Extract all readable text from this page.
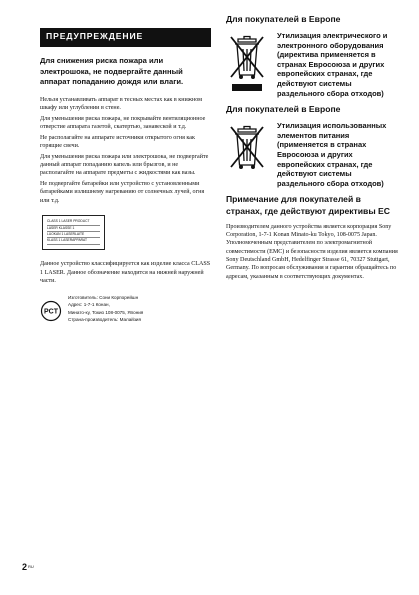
ПРЕДУПРЕЖДЕНИЕ
Для снижения риска пожара или электрошока, не подвергайте данный аппарат попаданию дождя или влаги.
Нельзя устанавливать аппарат в тесных местах как в книжном шкафу или углублении в стене.
Для уменьшения риска пожара, не покрывайте вентиляционное отверстие аппарата газетой, скатертью, занавеской и т.д.
Не располагайте на аппарате источники открытого огня как горящие свечи.
Для уменьшения риска пожара или электрошока, не подвергайте данный аппарат попаданию капель или брызгов, и не располагайте на аппарате предметы с жидкостями как вазы.
Не подвергайте батарейки или устройство с установленными батарейками излишнему нагреванию от солнечных лучей, огня или т.д.
CLASS 1 LASER PRODUCT
LASER KLASSE 1
LUOKAN 1 LASERLAITE
KLASS 1 LASERAPPARAT
Данное устройство классифицируется как изделие класса CLASS 1 LASER. Данное обозначение находится на нижней наружней части.
PCT
Изготовитель: Сони Корпорейшн
Адрес: 1-7-1 Конан,
Минато-ку, Токио 108-0075, Япония
Страна-производитель: Малайзия
Для покупателей в Европе
Утилизация электрического и электронного оборудования (директива применяется в странах Евросоюза и других европейских странах, где действуют системы раздельного сбора отходов)
Для покупателей в Европе
Утилизация использованных элементов питания (применяется в странах Евросоюза и других европейских странах, где действуют системы раздельного сбора отходов)
Примечание для покупателей в странах, где действуют директивы ЕС
Производителем данного устройства является корпорация Sony Corporation, 1-7-1 Konan Minato-ku Tokyo, 108-0075 Japan. Уполномоченным представителем по электромагнитной совместимости (EMC) и безопасности изделия является компания Sony Deutschland GmbH, Hedelfinger Strasse 61, 70327 Stuttgart, Germany. По вопросам обслуживания и гарантии обращайтесь по адресам, указанным в соответствующих документах.
$2^{RU}$
